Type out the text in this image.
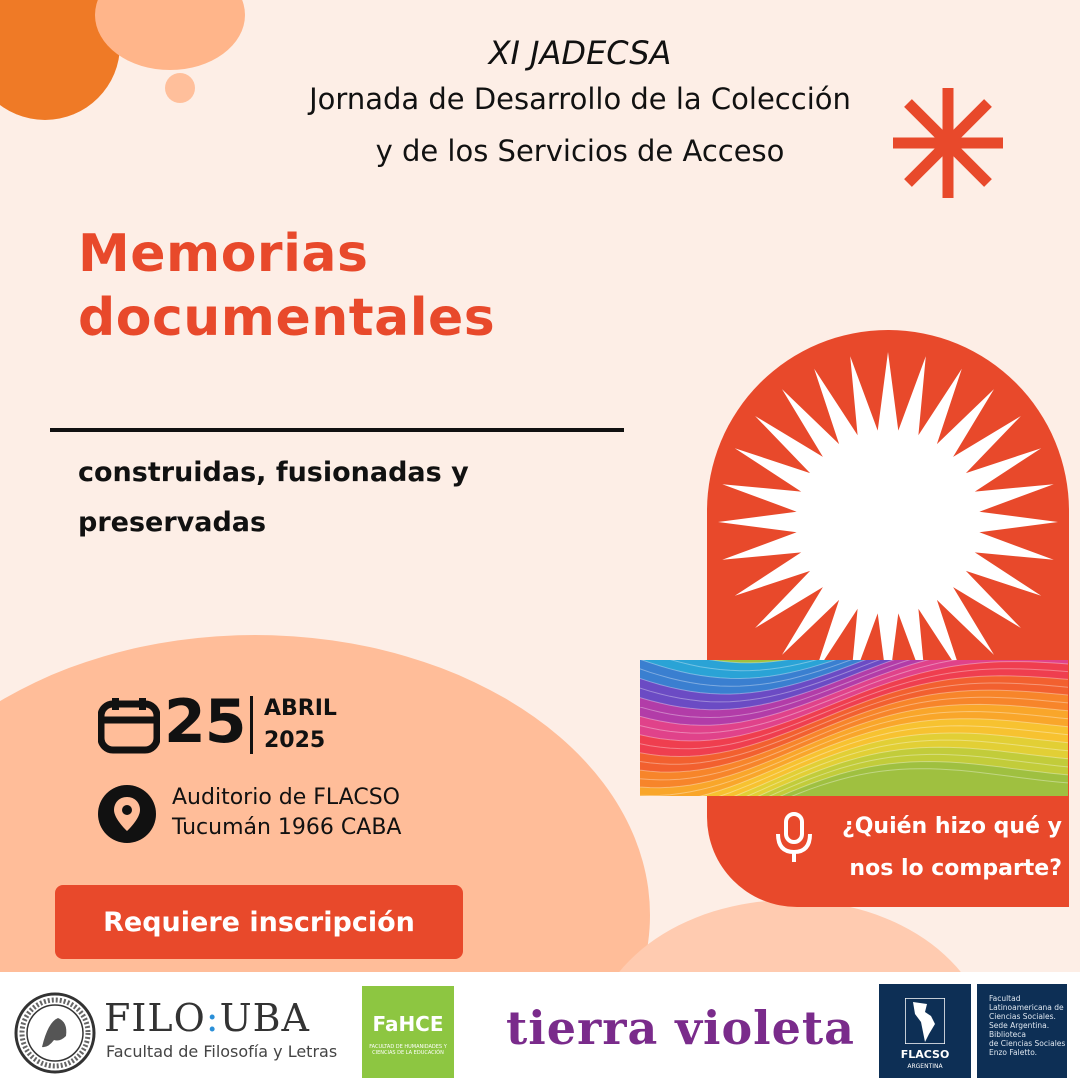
XI JADECSA
Jornada de Desarrollo de la Colección
y de los Servicios de Acceso
Memorias
documentales
construidas, fusionadas y preservadas
¿Quién hizo qué y
nos lo comparte?
25 ABRIL
2025
Auditorio de FLACSO
Tucumán 1966 CABA
Requiere inscripción
FILO:UBA
Facultad de Filosofía y Letras
FaHCE
FACULTAD DE HUMANIDADES Y CIENCIAS DE LA EDUCACIÓN tierra violeta	FLACSO
ARGENTINA
Facultad
Latinoamericana de
Ciencias Sociales.
Sede Argentina.
Biblioteca
de Ciencias Sociales
Enzo Faletto.
